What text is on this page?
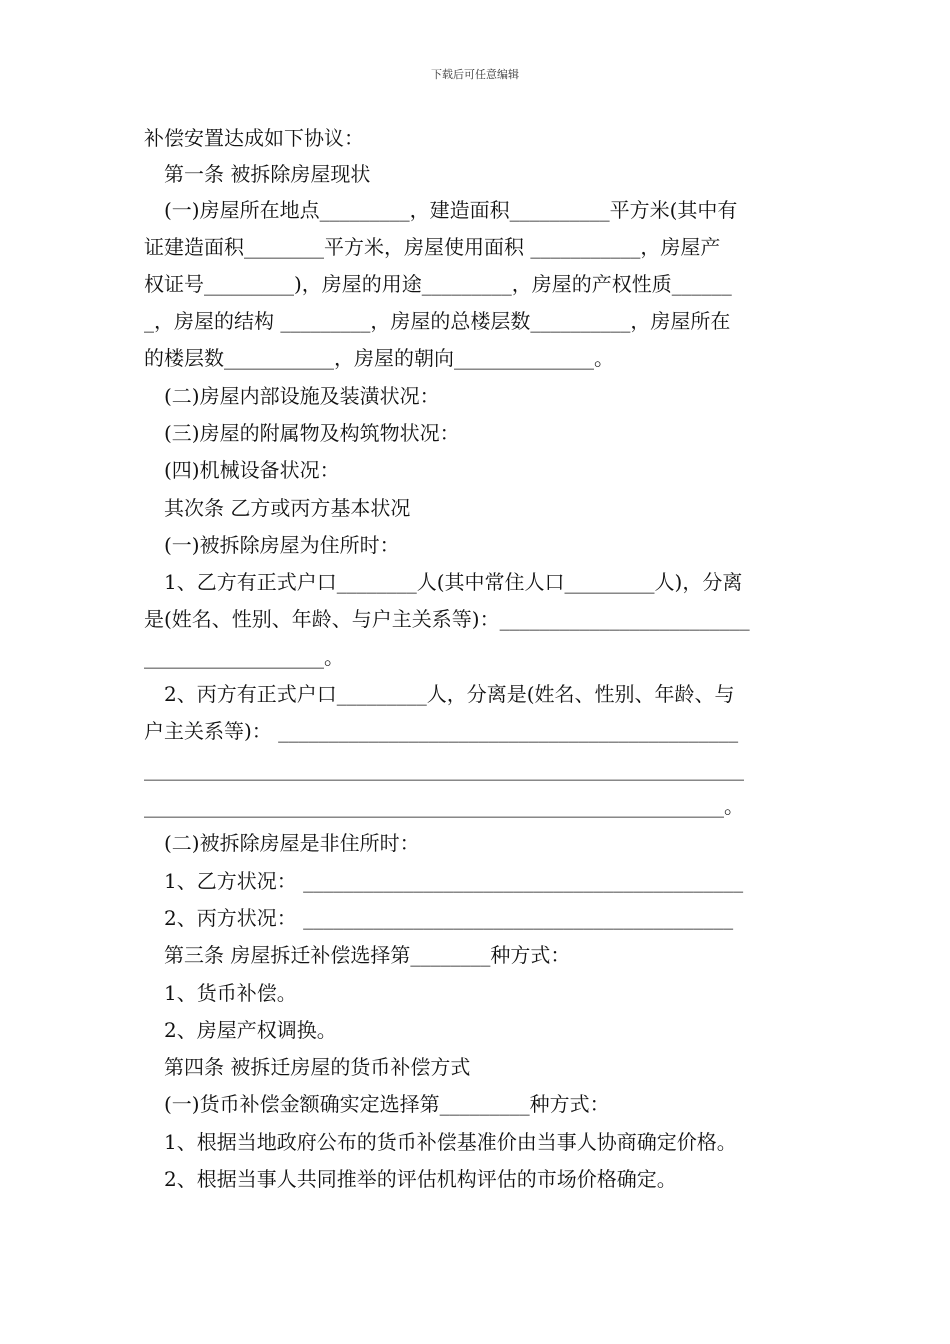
下载后可任意编辑
补偿安置达成如下协议：
第一条 被拆除房屋现状
(一)房屋所在地点_________，建造面积__________平方米(其中有
证建造面积________平方米，房屋使用面积 ___________，房屋产
权证号_________)，房屋的用途_________，房屋的产权性质______
_，房屋的结构 _________，房屋的总楼层数__________，房屋所在
的楼层数___________，房屋的朝向______________。
(二)房屋内部设施及装潢状况：
(三)房屋的附属物及构筑物状况：
(四)机械设备状况：
其次条 乙方或丙方基本状况
(一)被拆除房屋为住所时：
1、乙方有正式户口________人(其中常住人口_________人)，分离
是(姓名、性别、年龄、与户主关系等)：_________________________
__________________。
2、丙方有正式户口_________人，分离是(姓名、性别、年龄、与
户主关系等)： ______________________________________________
____________________________________________________________
__________________________________________________________。
(二)被拆除房屋是非住所时：
1、乙方状况： ____________________________________________
2、丙方状况： ___________________________________________
第三条 房屋拆迁补偿选择第________种方式：
1、货币补偿。
2、房屋产权调换。
第四条 被拆迁房屋的货币补偿方式
(一)货币补偿金额确实定选择第_________种方式：
1、根据当地政府公布的货币补偿基准价由当事人协商确定价格。
2、根据当事人共同推举的评估机构评估的市场价格确定。
